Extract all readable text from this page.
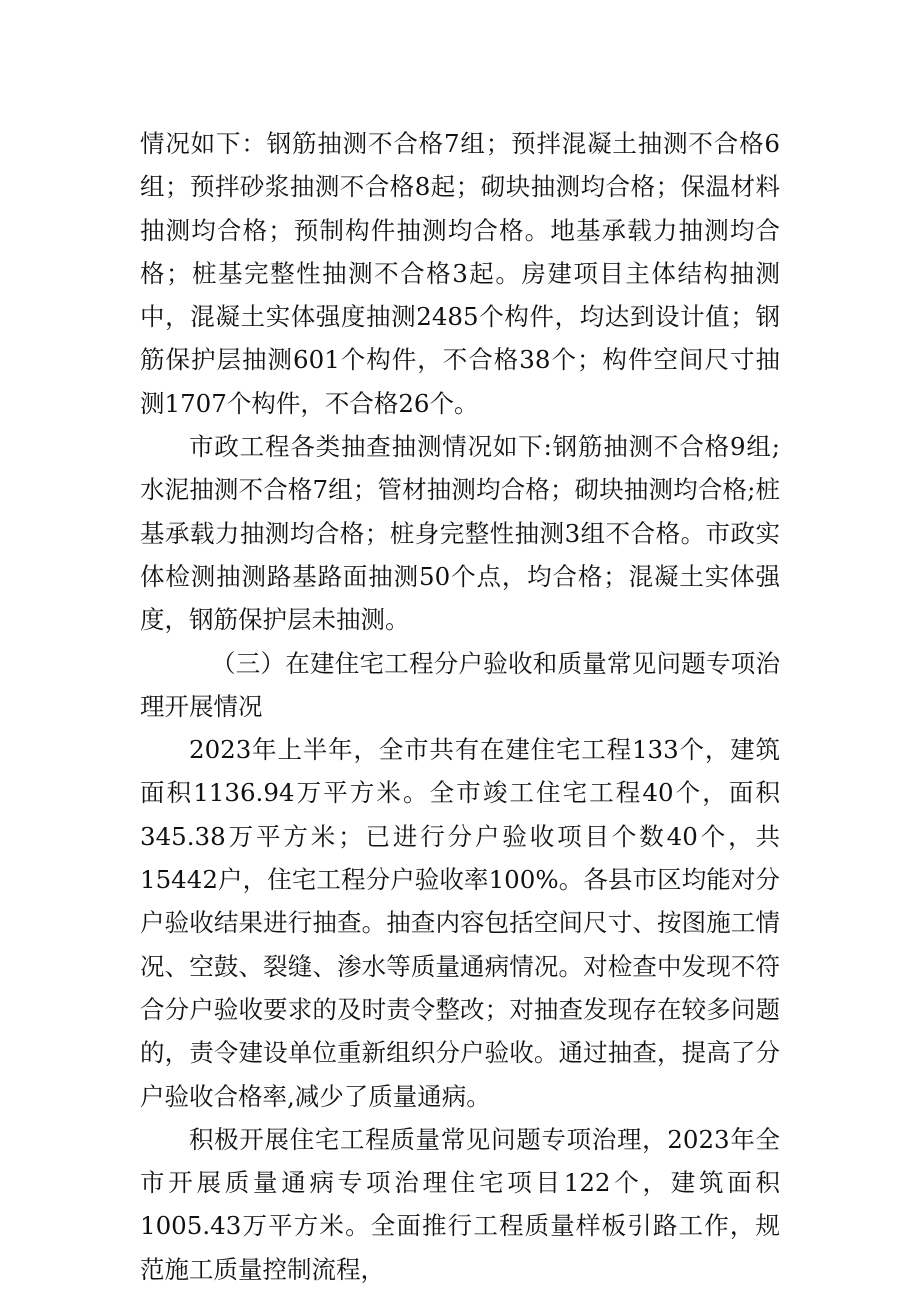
情况如下：钢筋抽测不合格7组；预拌混凝土抽测不合格6组；预拌砂浆抽测不合格8起；砌块抽测均合格；保温材料抽测均合格；预制构件抽测均合格。地基承载力抽测均合格；桩基完整性抽测不合格3起。房建项目主体结构抽测中，混凝土实体强度抽测2485个构件，均达到设计值；钢筋保护层抽测601个构件，不合格38个；构件空间尺寸抽测1707个构件，不合格26个。

市政工程各类抽查抽测情况如下:钢筋抽测不合格9组;水泥抽测不合格7组；管材抽测均合格；砌块抽测均合格;桩基承载力抽测均合格；桩身完整性抽测3组不合格。市政实体检测抽测路基路面抽测50个点，均合格；混凝土实体强度，钢筋保护层未抽测。

（三）在建住宅工程分户验收和质量常见问题专项治理开展情况

2023年上半年，全市共有在建住宅工程133个，建筑面积1136.94万平方米。全市竣工住宅工程40个，面积345.38万平方米；已进行分户验收项目个数40个，共15442户，住宅工程分户验收率100%。各县市区均能对分户验收结果进行抽查。抽查内容包括空间尺寸、按图施工情况、空鼓、裂缝、渗水等质量通病情况。对检查中发现不符合分户验收要求的及时责令整改；对抽查发现存在较多问题的，责令建设单位重新组织分户验收。通过抽查，提高了分户验收合格率,减少了质量通病。

积极开展住宅工程质量常见问题专项治理，2023年全市开展质量通病专项治理住宅项目122个，建筑面积1005.43万平方米。全面推行工程质量样板引路工作，规范施工质量控制流程，
